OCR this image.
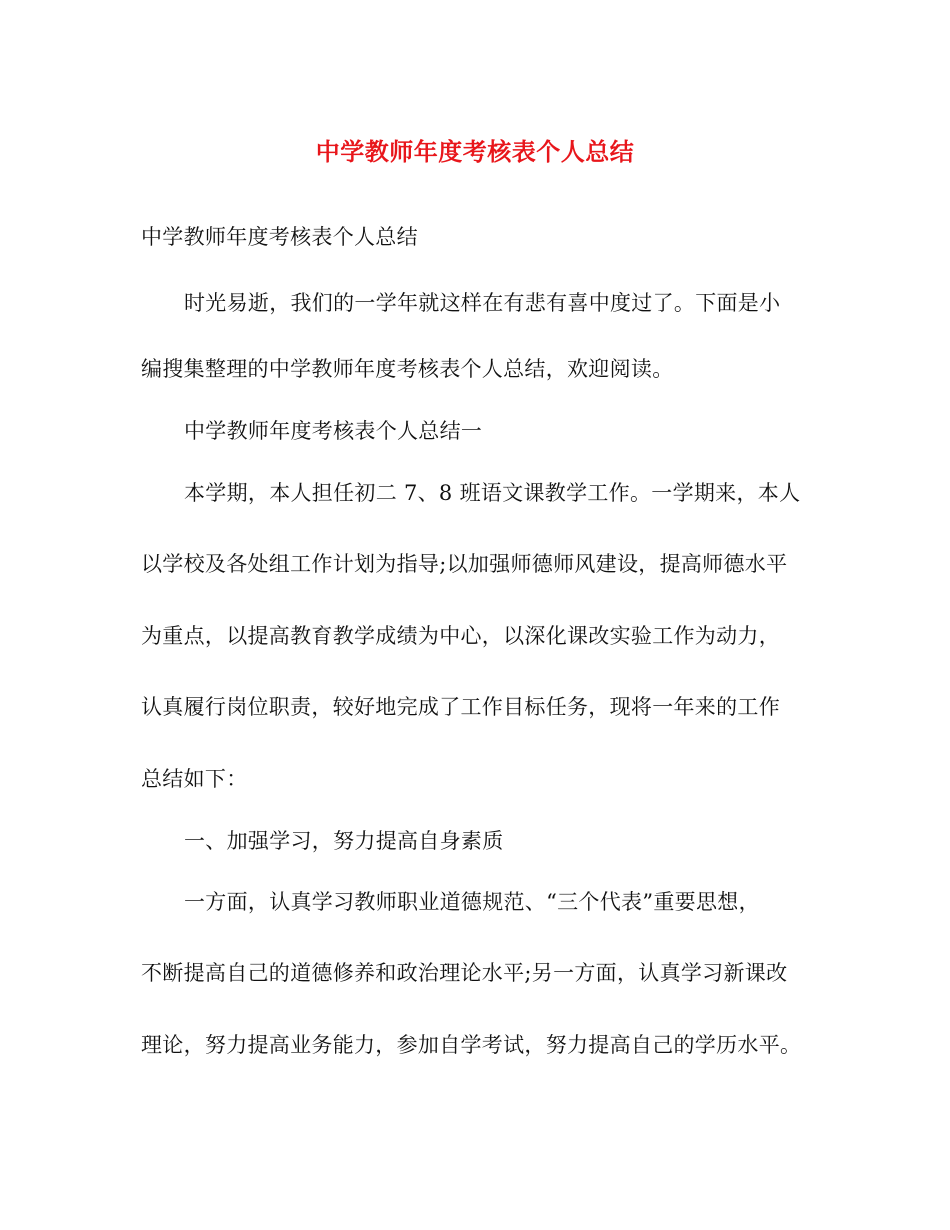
中学教师年度考核表个人总结
中学教师年度考核表个人总结
时光易逝，我们的一学年就这样在有悲有喜中度过了。下面是小
编搜集整理的中学教师年度考核表个人总结，欢迎阅读。
中学教师年度考核表个人总结一
本学期，本人担任初二 7、8 班语文课教学工作。一学期来，本人
以学校及各处组工作计划为指导;以加强师德师风建设，提高师德水平
为重点，以提高教育教学成绩为中心，以深化课改实验工作为动力，
认真履行岗位职责，较好地完成了工作目标任务，现将一年来的工作
总结如下：
一、加强学习，努力提高自身素质
一方面，认真学习教师职业道德规范、“三个代表”重要思想，
不断提高自己的道德修养和政治理论水平;另一方面，认真学习新课改
理论，努力提高业务能力，参加自学考试，努力提高自己的学历水平。
